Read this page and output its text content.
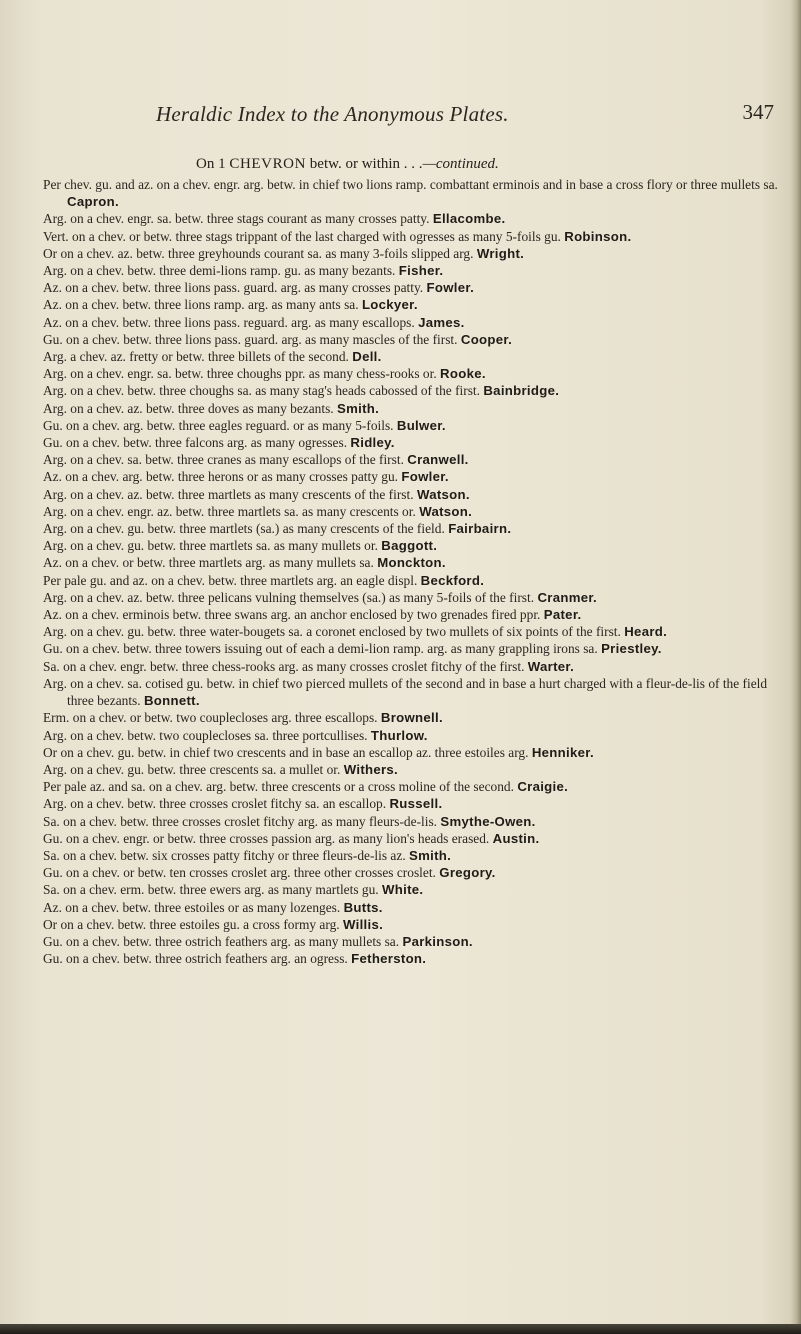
Heraldic Index to the Anonymous Plates.	347
On 1 CHEVRON betw. or within . . .—continued.
Per chev. gu. and az. on a chev. engr. arg. betw. in chief two lions ramp. combattant erminois and in base a cross flory or three mullets sa. Capron.
Arg. on a chev. engr. sa. betw. three stags courant as many crosses patty. Ellacombe.
Vert. on a chev. or betw. three stags trippant of the last charged with ogresses as many 5-foils gu. Robinson.
Or on a chev. az. betw. three greyhounds courant sa. as many 3-foils slipped arg. Wright.
Arg. on a chev. betw. three demi-lions ramp. gu. as many bezants. Fisher.
Az. on a chev. betw. three lions pass. guard. arg. as many crosses patty. Fowler.
Az. on a chev. betw. three lions ramp. arg. as many ants sa. Lockyer.
Az. on a chev. betw. three lions pass. reguard. arg. as many escallops. James.
Gu. on a chev. betw. three lions pass. guard. arg. as many mascles of the first. Cooper.
Arg. a chev. az. fretty or betw. three billets of the second. Dell.
Arg. on a chev. engr. sa. betw. three choughs ppr. as many chess-rooks or. Rooke.
Arg. on a chev. betw. three choughs sa. as many stag's heads cabossed of the first. Bainbridge.
Arg. on a chev. az. betw. three doves as many bezants. Smith.
Gu. on a chev. arg. betw. three eagles reguard. or as many 5-foils. Bulwer.
Gu. on a chev. betw. three falcons arg. as many ogresses. Ridley.
Arg. on a chev. sa. betw. three cranes as many escallops of the first. Cranwell.
Az. on a chev. arg. betw. three herons or as many crosses patty gu. Fowler.
Arg. on a chev. az. betw. three martlets as many crescents of the first. Watson.
Arg. on a chev. engr. az. betw. three martlets sa. as many crescents or. Watson.
Arg. on a chev. gu. betw. three martlets (sa.) as many crescents of the field. Fairbairn.
Arg. on a chev. gu. betw. three martlets sa. as many mullets or. Baggott.
Az. on a chev. or betw. three martlets arg. as many mullets sa. Monckton.
Per pale gu. and az. on a chev. betw. three martlets arg. an eagle displ. Beckford.
Arg. on a chev. az. betw. three pelicans vulning themselves (sa.) as many 5-foils of the first. Cranmer.
Az. on a chev. erminois betw. three swans arg. an anchor enclosed by two grenades fired ppr. Pater.
Arg. on a chev. gu. betw. three water-bougets sa. a coronet enclosed by two mullets of six points of the first. Heard.
Gu. on a chev. betw. three towers issuing out of each a demi-lion ramp. arg. as many grappling irons sa. Priestley.
Sa. on a chev. engr. betw. three chess-rooks arg. as many crosses croslet fitchy of the first. Warter.
Arg. on a chev. sa. cotised gu. betw. in chief two pierced mullets of the second and in base a hurt charged with a fleur-de-lis of the field three bezants. Bonnett.
Erm. on a chev. or betw. two couplecloses arg. three escallops. Brownell.
Arg. on a chev. betw. two couplecloses sa. three portcullises. Thurlow.
Or on a chev. gu. betw. in chief two crescents and in base an escallop az. three estoiles arg. Henniker.
Arg. on a chev. gu. betw. three crescents sa. a mullet or. Withers.
Per pale az. and sa. on a chev. arg. betw. three crescents or a cross moline of the second. Craigie.
Arg. on a chev. betw. three crosses croslet fitchy sa. an escallop. Russell.
Sa. on a chev. betw. three crosses croslet fitchy arg. as many fleurs-de-lis. Smythe-Owen.
Gu. on a chev. engr. or betw. three crosses passion arg. as many lion's heads erased. Austin.
Sa. on a chev. betw. six crosses patty fitchy or three fleurs-de-lis az. Smith.
Gu. on a chev. or betw. ten crosses croslet arg. three other crosses croslet. Gregory.
Sa. on a chev. erm. betw. three ewers arg. as many martlets gu. White.
Az. on a chev. betw. three estoiles or as many lozenges. Butts.
Or on a chev. betw. three estoiles gu. a cross formy arg. Willis.
Gu. on a chev. betw. three ostrich feathers arg. as many mullets sa. Parkinson.
Gu. on a chev. betw. three ostrich feathers arg. an ogress. Fetherston.
